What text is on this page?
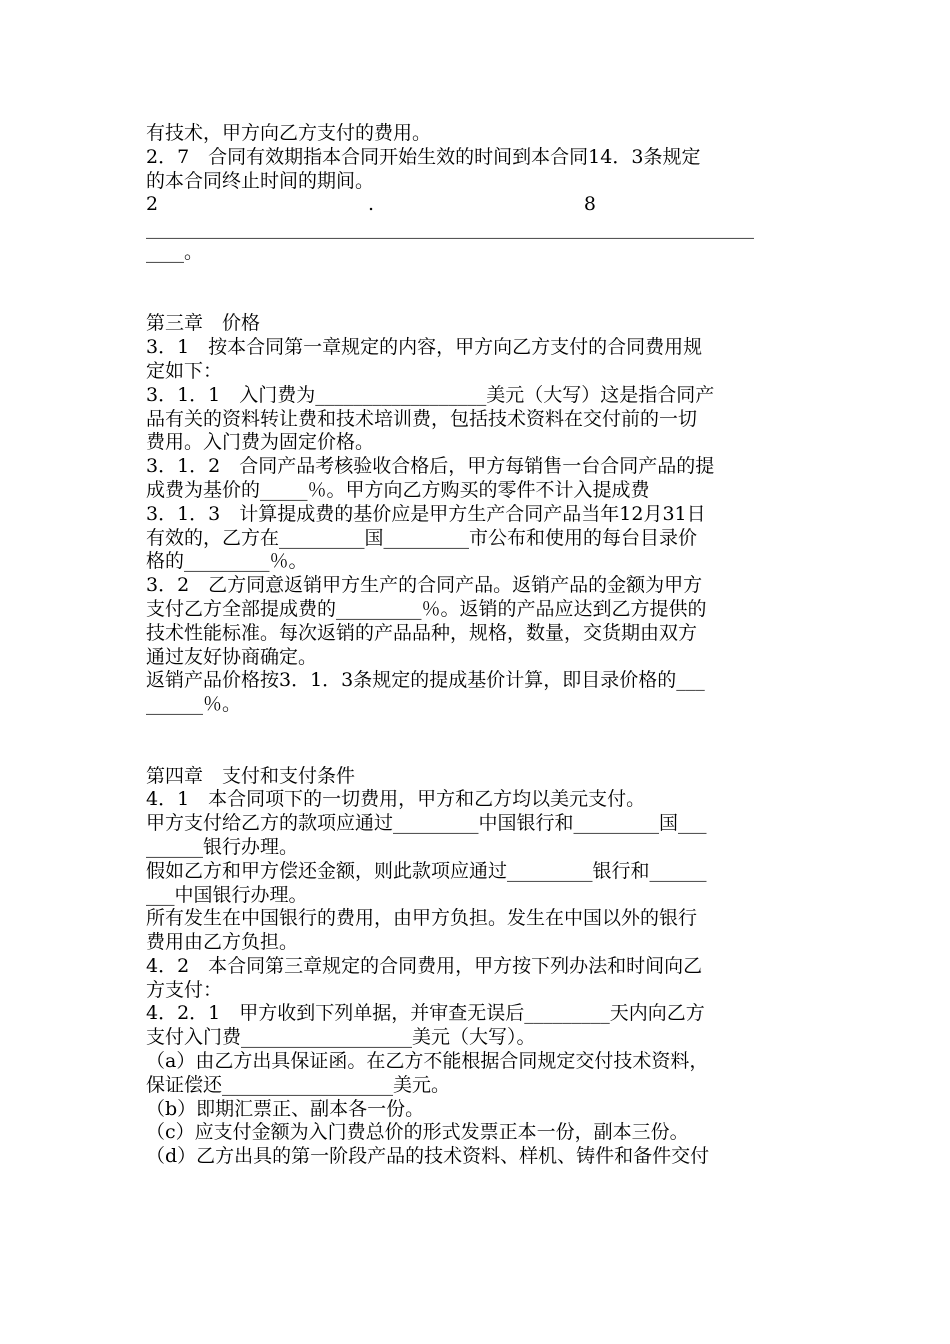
有技术，甲方向乙方支付的费用。
2．7　合同有效期指本合同开始生效的时间到本合同14．3条规定
的本合同终止时间的期间。
2	.	8
________________________________________________________________
____。
第三章　价格
3．1　按本合同第一章规定的内容，甲方向乙方支付的合同费用规
定如下：
3．1．1　入门费为__________________美元（大写）这是指合同产
品有关的资料转让费和技术培训费，包括技术资料在交付前的一切
费用。入门费为固定价格。
3．1．2　合同产品考核验收合格后，甲方每销售一台合同产品的提
成费为基价的_____％。甲方向乙方购买的零件不计入提成费
3．1．3　计算提成费的基价应是甲方生产合同产品当年12月31日
有效的，乙方在_________国_________市公布和使用的每台目录价
格的_________％。
3．2　乙方同意返销甲方生产的合同产品。返销产品的金额为甲方
支付乙方全部提成费的_________％。返销的产品应达到乙方提供的
技术性能标准。每次返销的产品品种，规格，数量，交货期由双方
通过友好协商确定。
返销产品价格按3．1．3条规定的提成基价计算，即目录价格的___
______％。
第四章　支付和支付条件
4．1　本合同项下的一切费用，甲方和乙方均以美元支付。
甲方支付给乙方的款项应通过_________中国银行和_________国___
______银行办理。
假如乙方和甲方偿还金额，则此款项应通过_________银行和______
___中国银行办理。
所有发生在中国银行的费用，由甲方负担。发生在中国以外的银行
费用由乙方负担。
4．2　本合同第三章规定的合同费用，甲方按下列办法和时间向乙
方支付：
4．2．1　甲方收到下列单据，并审查无误后_________天内向乙方
支付入门费__________________美元（大写）。
（a）由乙方出具保证函。在乙方不能根据合同规定交付技术资料，
保证偿还__________________美元。
（b）即期汇票正、副本各一份。
（c）应支付金额为入门费总价的形式发票正本一份，副本三份。
（d）乙方出具的第一阶段产品的技术资料、样机、铸件和备件交付
